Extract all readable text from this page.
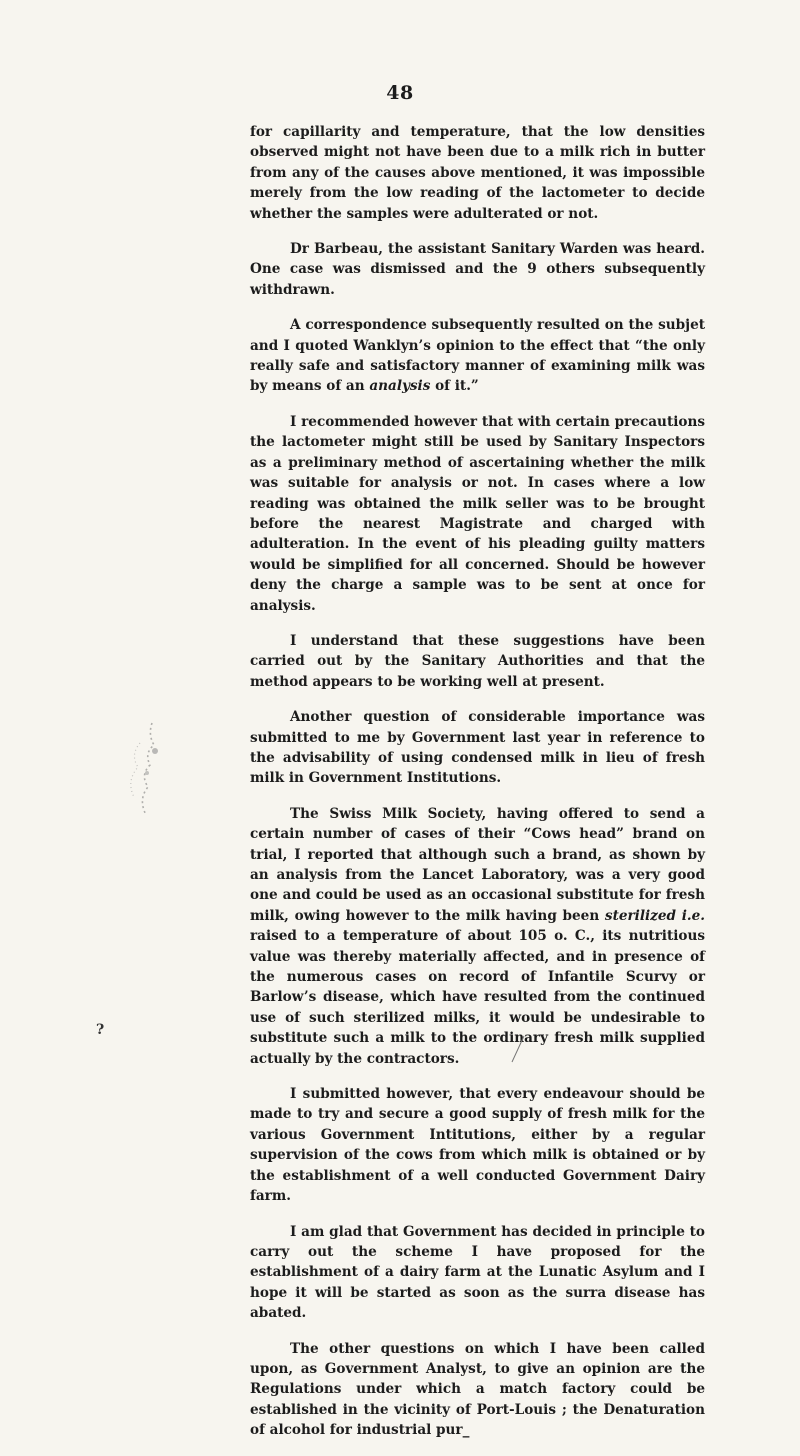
48

for capillarity and temperature, that the low densities observed might not have been due to a milk rich in butter from any of the causes above mentioned, it was impossible merely from the low reading of the lactometer to decide whether the samples were adulterated or not.

Dr Barbeau, the assistant Sanitary Warden was heard. One case was dismissed and the 9 others subsequently withdrawn.

A correspondence subsequently resulted on the subjet and I quoted Wanklyn’s opinion to the effect that “the only really safe and satisfactory manner of examining milk was by means of an analysis of it.”

I recommended however that with certain precautions the lactometer might still be used by Sanitary Inspectors as a preliminary method of ascertaining whether the milk was suitable for analysis or not. In cases where a low reading was obtained the milk seller was to be brought before the nearest Magistrate and charged with adulteration. In the event of his pleading guilty matters would be simplified for all concerned. Should be however deny the charge a sample was to be sent at once for analysis.

I understand that these suggestions have been carried out by the Sanitary Authorities and that the method appears to be working well at present.

Another question of considerable importance was submitted to me by Government last year in reference to the advisability of using condensed milk in lieu of fresh milk in Government Institutions.

The Swiss Milk Society, having offered to send a certain number of cases of their “Cows head” brand on trial, I reported that although such a brand, as shown by an analysis from the Lancet Laboratory, was a very good one and could be used as an occasional substitute for fresh milk, owing however to the milk having been sterilized i.e. raised to a temperature of about 105 o. C., its nutritious value was thereby materially affected, and in presence of the numerous cases on record of Infantile Scurvy or Barlow’s disease, which have resulted from the continued use of such sterilized milks, it would be undesirable to substitute such a milk to the ordinary fresh milk supplied actually by the contractors.

I submitted however, that every endeavour should be made to try and secure a good supply of fresh milk for the various Government Intitutions, either by a regular supervision of the cows from which milk is obtained or by the establishment of a well conducted Government Dairy farm.

I am glad that Government has decided in principle to carry out the scheme I have proposed for the establishment of a dairy farm at the Lunatic Asylum and I hope it will be started as soon as the surra disease has abated.

The other questions on which I have been called upon, as Government Analyst, to give an opinion are the Regulations under which a match factory could be established in the vicinity of Port-Louis ; the Denaturation of alcohol for industrial pur_

?
